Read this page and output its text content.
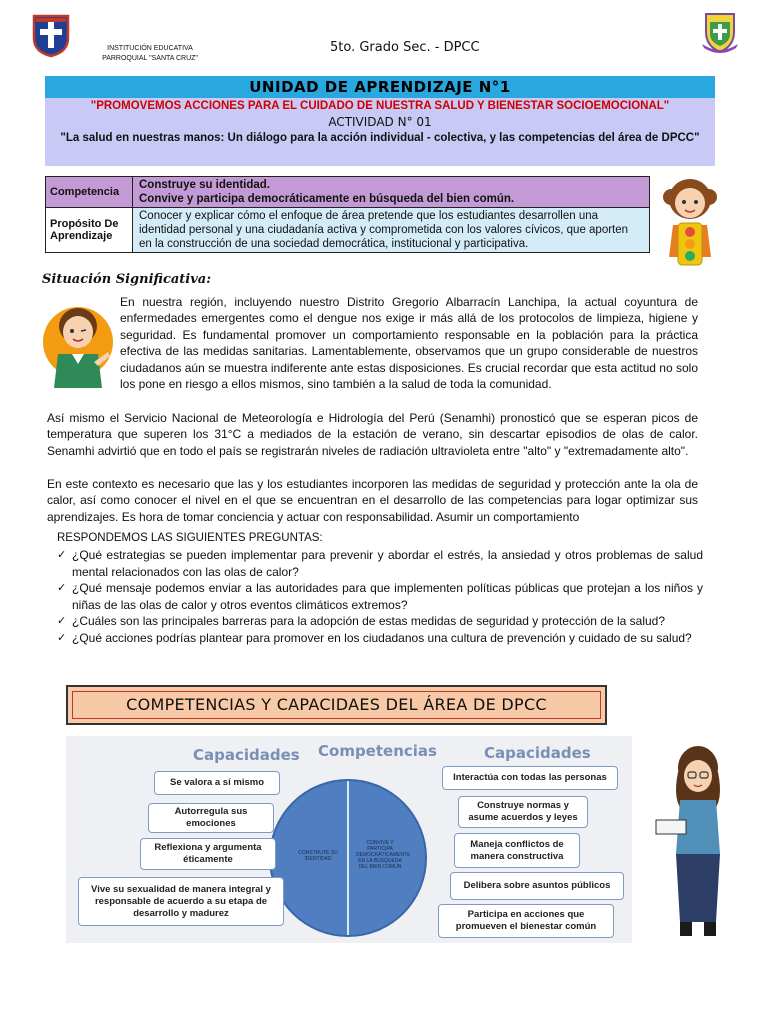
INSTITUCIÓN EDUCATIVA
PARROQUIAL "SANTA CRUZ"
5to. Grado Sec. - DPCC
UNIDAD DE APRENDIZAJE N°1
"PROMOVEMOS ACCIONES PARA EL CUIDADO DE NUESTRA SALUD Y BIENESTAR SOCIOEMOCIONAL"
ACTIVIDAD N° 01
"La salud en nuestras manos: Un diálogo para la acción individual - colectiva, y las competencias del área de DPCC"
Competencia	Construye su identidad.
Convive y participa democráticamente en búsqueda del bien común.

Propósito De Aprendizaje	Conocer y explicar cómo el enfoque de área pretende que los estudiantes desarrollen una identidad personal y una ciudadanía activa y comprometida con los valores cívicos, que aporten en la construcción de una sociedad democrática, institucional y participativa.
Situación Significativa:
En nuestra región, incluyendo nuestro Distrito Gregorio Albarracín Lanchipa, la actual coyuntura de enfermedades emergentes como el dengue nos exige ir más allá de los protocolos de limpieza, higiene y seguridad. Es fundamental promover un comportamiento responsable en la población para la práctica efectiva de las medidas sanitarias. Lamentablemente, observamos que un grupo considerable de nuestros ciudadanos aún se muestra indiferente ante estas disposiciones. Es crucial recordar que esta actitud no solo los pone en riesgo a ellos mismos, sino también a la salud de toda la comunidad.
Así mismo el Servicio Nacional de Meteorología e Hidrología del Perú (Senamhi) pronosticó que se esperan picos de temperatura que superen los 31°C a mediados de la estación de verano, sin descartar episodios de olas de calor. Senamhi advirtió que en todo el país se registrarán niveles de radiación ultravioleta entre "alto" y "extremadamente alto".
En este contexto es necesario que las y los estudiantes incorporen las medidas de seguridad y protección ante la ola de calor, así como conocer el nivel en el que se encuentran en el desarrollo de las competencias para logar optimizar sus aprendizajes. Es hora de tomar conciencia y actuar con responsabilidad. Asumir un comportamiento
RESPONDEMOS LAS SIGUIENTES PREGUNTAS:
✓ ¿Qué estrategias se pueden implementar para prevenir y abordar el estrés, la ansiedad y otros problemas de salud mental relacionados con las olas de calor?
✓ ¿Qué mensaje podemos enviar a las autoridades para que implementen políticas públicas que protejan a los niños y niñas de las olas de calor y otros eventos climáticos extremos?
✓ ¿Cuáles son las principales barreras para la adopción de estas medidas de seguridad y protección de la salud?
✓ ¿Qué acciones podrías plantear para promover en los ciudadanos una cultura de prevención y cuidado de su salud?
COMPETENCIAS Y CAPACIDAES DEL ÁREA DE DPCC
Capacidades Competencias	Capacidades
Se valora a sí mismo
Autorregula sus emociones
Reflexiona y argumenta éticamente
Vive su sexualidad de manera integral y responsable de acuerdo a su etapa de desarrollo y madurez
CONSTRUYE SU IDENTIDAD
CONVIVE Y PARTICIPA DEMOCRÁTICAMENTE EN LA BÚSQUEDA DEL BIEN COMÚN
Interactúa con todas las personas
Construye normas y asume acuerdos y leyes
Maneja conflictos de manera constructiva
Delibera sobre asuntos públicos
Participa en acciones que promueven el bienestar común
